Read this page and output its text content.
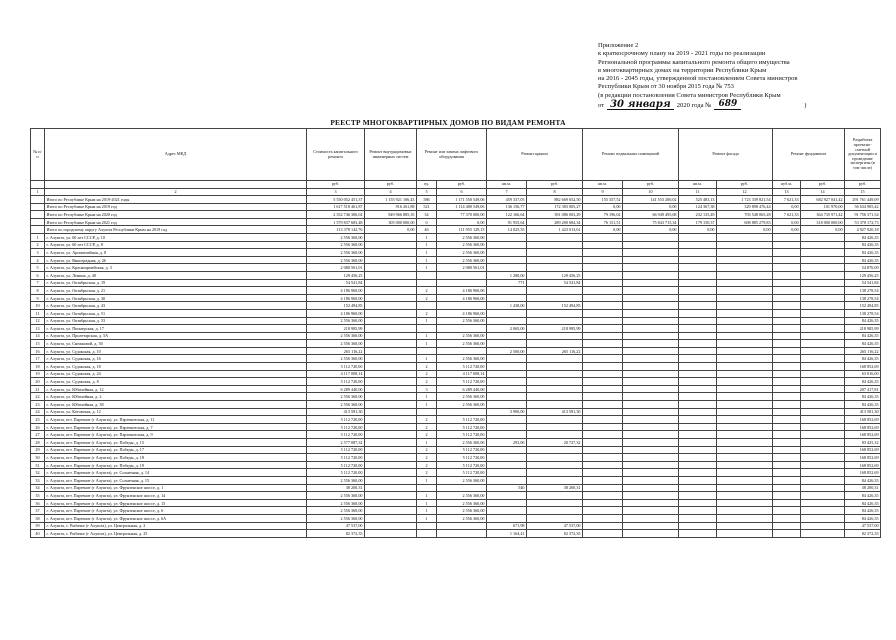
Приложение 2
к краткосрочному плану на 2019 - 2021 годы по реализации
Региональной программы капитального ремонта общего имущества
в многоквартирных домах на территории Республики Крым
на 2016 - 2045 годы, утвержденной постановлением Совета министров
Республики Крым от 30 ноября 2015 года № 753
(в редакции постановления Совета министров Республики Крым
от 30 января 2020 года № 689	)
РЕЕСТР МНОГОКВАРТИРНЫХ ДОМОВ ПО ВИДАМ РЕМОНТА
№ п/п	Адрес МКД	Стоимость капитального ремонта	Ремонт внутридомовых инженерных систем	Ремонт или замена лифтового оборудования		Ремонт крыши		Ремонт подвальных помещений		Ремонт фасада		Ремонт фундамента		Разработка проектно-сметной документации и проведение экспертизы (в том числе)
		руб.	руб.	ед.	руб.	кв.м.	руб.	кв.м.	руб.	кв.м.	руб.	куб.м.	руб.	руб.
1	2	3	4	5	6	7	8	9	10	11	12	13	14	15
	Итого по Республике Крым на 2019-2021 годы	5 550 052 451,37	1 155 921 106,43	586	1 171 550 549,06	459 337,05	882 669 652,50	155 357,52	141 553 200,02	525 483,13	1 723 339 821,54	7 621,33	682 927 041,42	291 761 449,09
	Итого по Республике Крым на 2019 год	1 617 518 461,87	916 261,88	521	1 114 480 549,06	136 156,77	172 383 005,27	0,00	0,00	124 367,38	329 898 476,44	0,00	101 970,00	56 634 905,42
	Итого по Республике Крым на 2020 год	2 352 746 306,02	849 966 885,35	34	77 370 000,00	122 166,64	391 086 003,29	79 196,02	66 949 495,68	232 135,49	703 548 065,28	7 621,33	364 735 971,42	91 756 371,54
	Итого по Республике Крым на 2021 год	1 579 837 683,48	305 000 000,00	0	0,00	91 955,64	289 200 684,34	76 151,51	75 843 715,34	179 150,37	608 885 279,83	0,00	318 000 000,00	53 370 172,73
	Итого по городскому округу Алушта Республики Крым на 2019 год	113 378 142,76	0,00	46	111 955 129,15	14 025,55	1 423 013,61	0,00	0,00	0,00	0,00	0,00	0,00	4 927 920,18
1	г. Алушта, ул. 60 лет СССР, д. 10	2 556 360,00		1	2 556 360,00									84 426,35
2	г. Алушта, ул. 60 лет СССР, д. 8	2 556 360,00		1	2 556 360,00									84 426,35
3	г. Алушта, ул. Ароматизйная, д. 8	2 556 360,00		1	2 556 360,00									84 426,35
4	г. Алушта, ул. Виноградная, д. 26	2 556 360,00		1	2 556 360,00									84 426,35
5	г. Алушта, ул. Красноармейская, д. 3	2 080 561,01		1	2 080 561,01									54 876,00
6	г. Алушта, ул. Ленина, д. 40	129 456,25				1 280,00	129 456,25							129 456,25
7	г. Алушта, ул. Октябрьская, д. 19	54 541,84				771	54 541,84							54 541,84
8	г. Алушта, ул. Октябрьская, д. 21	4 186 960,00		2	4 186 960,00									138 278,54
9	г. Алушта, ул. Октябрьская, д. 30	4 186 960,00		2	4 186 960,00									138 278,54
10	г. Алушта, ул. Октябрьская, д. 43	152 494,85				1 438,00	152 494,85							152 494,85
11	г. Алушта, ул. Октябрьская, д. 51	4 186 960,00		2	4 186 960,00									138 278,54
12	г. Алушта, ул. Октябрьская, д. 53	2 556 360,00		1	2 556 360,00									84 426,35
13	г. Алушта, ул. Пионерская, д. 17	218 985,99				2 065,00	218 985,99							218 985,99
14	г. Алушта, ул. Пролетарская, д. 5А	2 556 360,00		1	2 556 360,00									84 426,35
15	г. Алушта, ул. Снежковой, д. 30	2 556 360,00		1	2 556 360,00									84 426,35
16	г. Алушта, ул. Судакская, д. 10	265 116,22				2 500,00	265 116,22							265 116,22
17	г. Алушта, ул. Судакская, д. 16	2 556 360,00		1	2 556 360,00									84 426,35
18	г. Алушта, ул. Судакская, д. 18	5 112 720,00		2	5 112 720,00									168 852,69
19	г. Алушта, ул. Судакская, д. 24	4 117 008,14		2	4 117 008,14									63 016,00
20	г. Алушта, ул. Судакская, д. 8	5 112 720,00		2	5 112 720,00									84 426,35
21	г. Алушта, ул. Юбилейная, д. 12	6 289 440,00		3	6 289 440,00									207 417,81
22	г. Алушта, ул. Юбилейная, д. 2	2 556 360,00		1	2 556 360,00									84 426,35
23	г. Алушта, ул. Юбилейная, д. 38	2 556 360,00		1	2 556 360,00									84 426,35
24	г. Алушта, ул. Котовская, д. 12	413 581,30				3 900,00	413 581,30							413 581,30
25	г. Алушта, пгт. Партенит (г Алушта), ул. Партенитская, д. 11	5 112 720,00		2	5 112 720,00									168 852,69
26	г. Алушта, пгт. Партенит (г Алушта), ул. Партенитская, д. 7	5 112 720,00		2	5 112 720,00									168 852,69
27	г. Алушта, пгт. Партенит (г Алушта), ул. Партенитская, д. 9	5 112 720,00		2	5 112 720,00									168 852,69
28	г. Алушта, пгт. Партенит (г Алушта), ул. Победы, д. 15	2 577 087,32		1	2 556 360,00	293,00	20 727,32							83 425,32
29	г. Алушта, пгт. Партенит (г Алушта), ул. Победы, д. 17	5 112 720,00		2	5 112 720,00									168 852,69
30	г. Алушта, пгт. Партенит (г Алушта), ул. Победы, д. 18	5 112 720,00		2	5 112 720,00									168 852,69
31	г. Алушта, пгт. Партенит (г Алушта), ул. Победы, д. 19	5 112 720,00		2	5 112 720,00									168 852,69
32	г. Алушта, пгт. Партенит (г Алушта), ул. Солнечная, д. 14	5 112 720,00		2	5 112 720,00									168 852,69
33	г. Алушта, пгт. Партенит (г Алушта), ул. Солнечная, д. 15	2 556 360,00		1	2 556 360,00									84 426,35
34	г. Алушта, пгт. Партенит (г Алушта), ул. Фрунзенское шоссе, д. 1	38 200,31				540	38 200,31							38 200,31
35	г. Алушта, пгт. Партенит (г Алушта), ул. Фрунзенское шоссе, д. 14	2 556 360,00		1	2 556 360,00									84 426,35
36	г. Алушта, пгт. Партенит (г Алушта), ул. Фрунзенское шоссе, д. 15	2 556 360,00		1	2 556 360,00									84 426,35
37	г. Алушта, пгт. Партенит (г Алушта), ул. Фрунзенское шоссе, д. 6	2 556 360,00		1	2 556 360,00									84 426,35
38	г. Алушта, пгт. Партенит (г Алушта), ул. Фрунзенское шоссе, д. 6А	2 556 360,00		1	2 556 360,00									84 426,35
39	г. Алушта, с. Рыбачье (г Алушта), ул. Центральная, д. 2	47 537,00				671,98	47 537,00							47 537,00
40	г. Алушта, с. Рыбачье (г Алушта), ул. Центральная, д. 25	82 372,35				1 164,41	82 372,35							82 372,35
